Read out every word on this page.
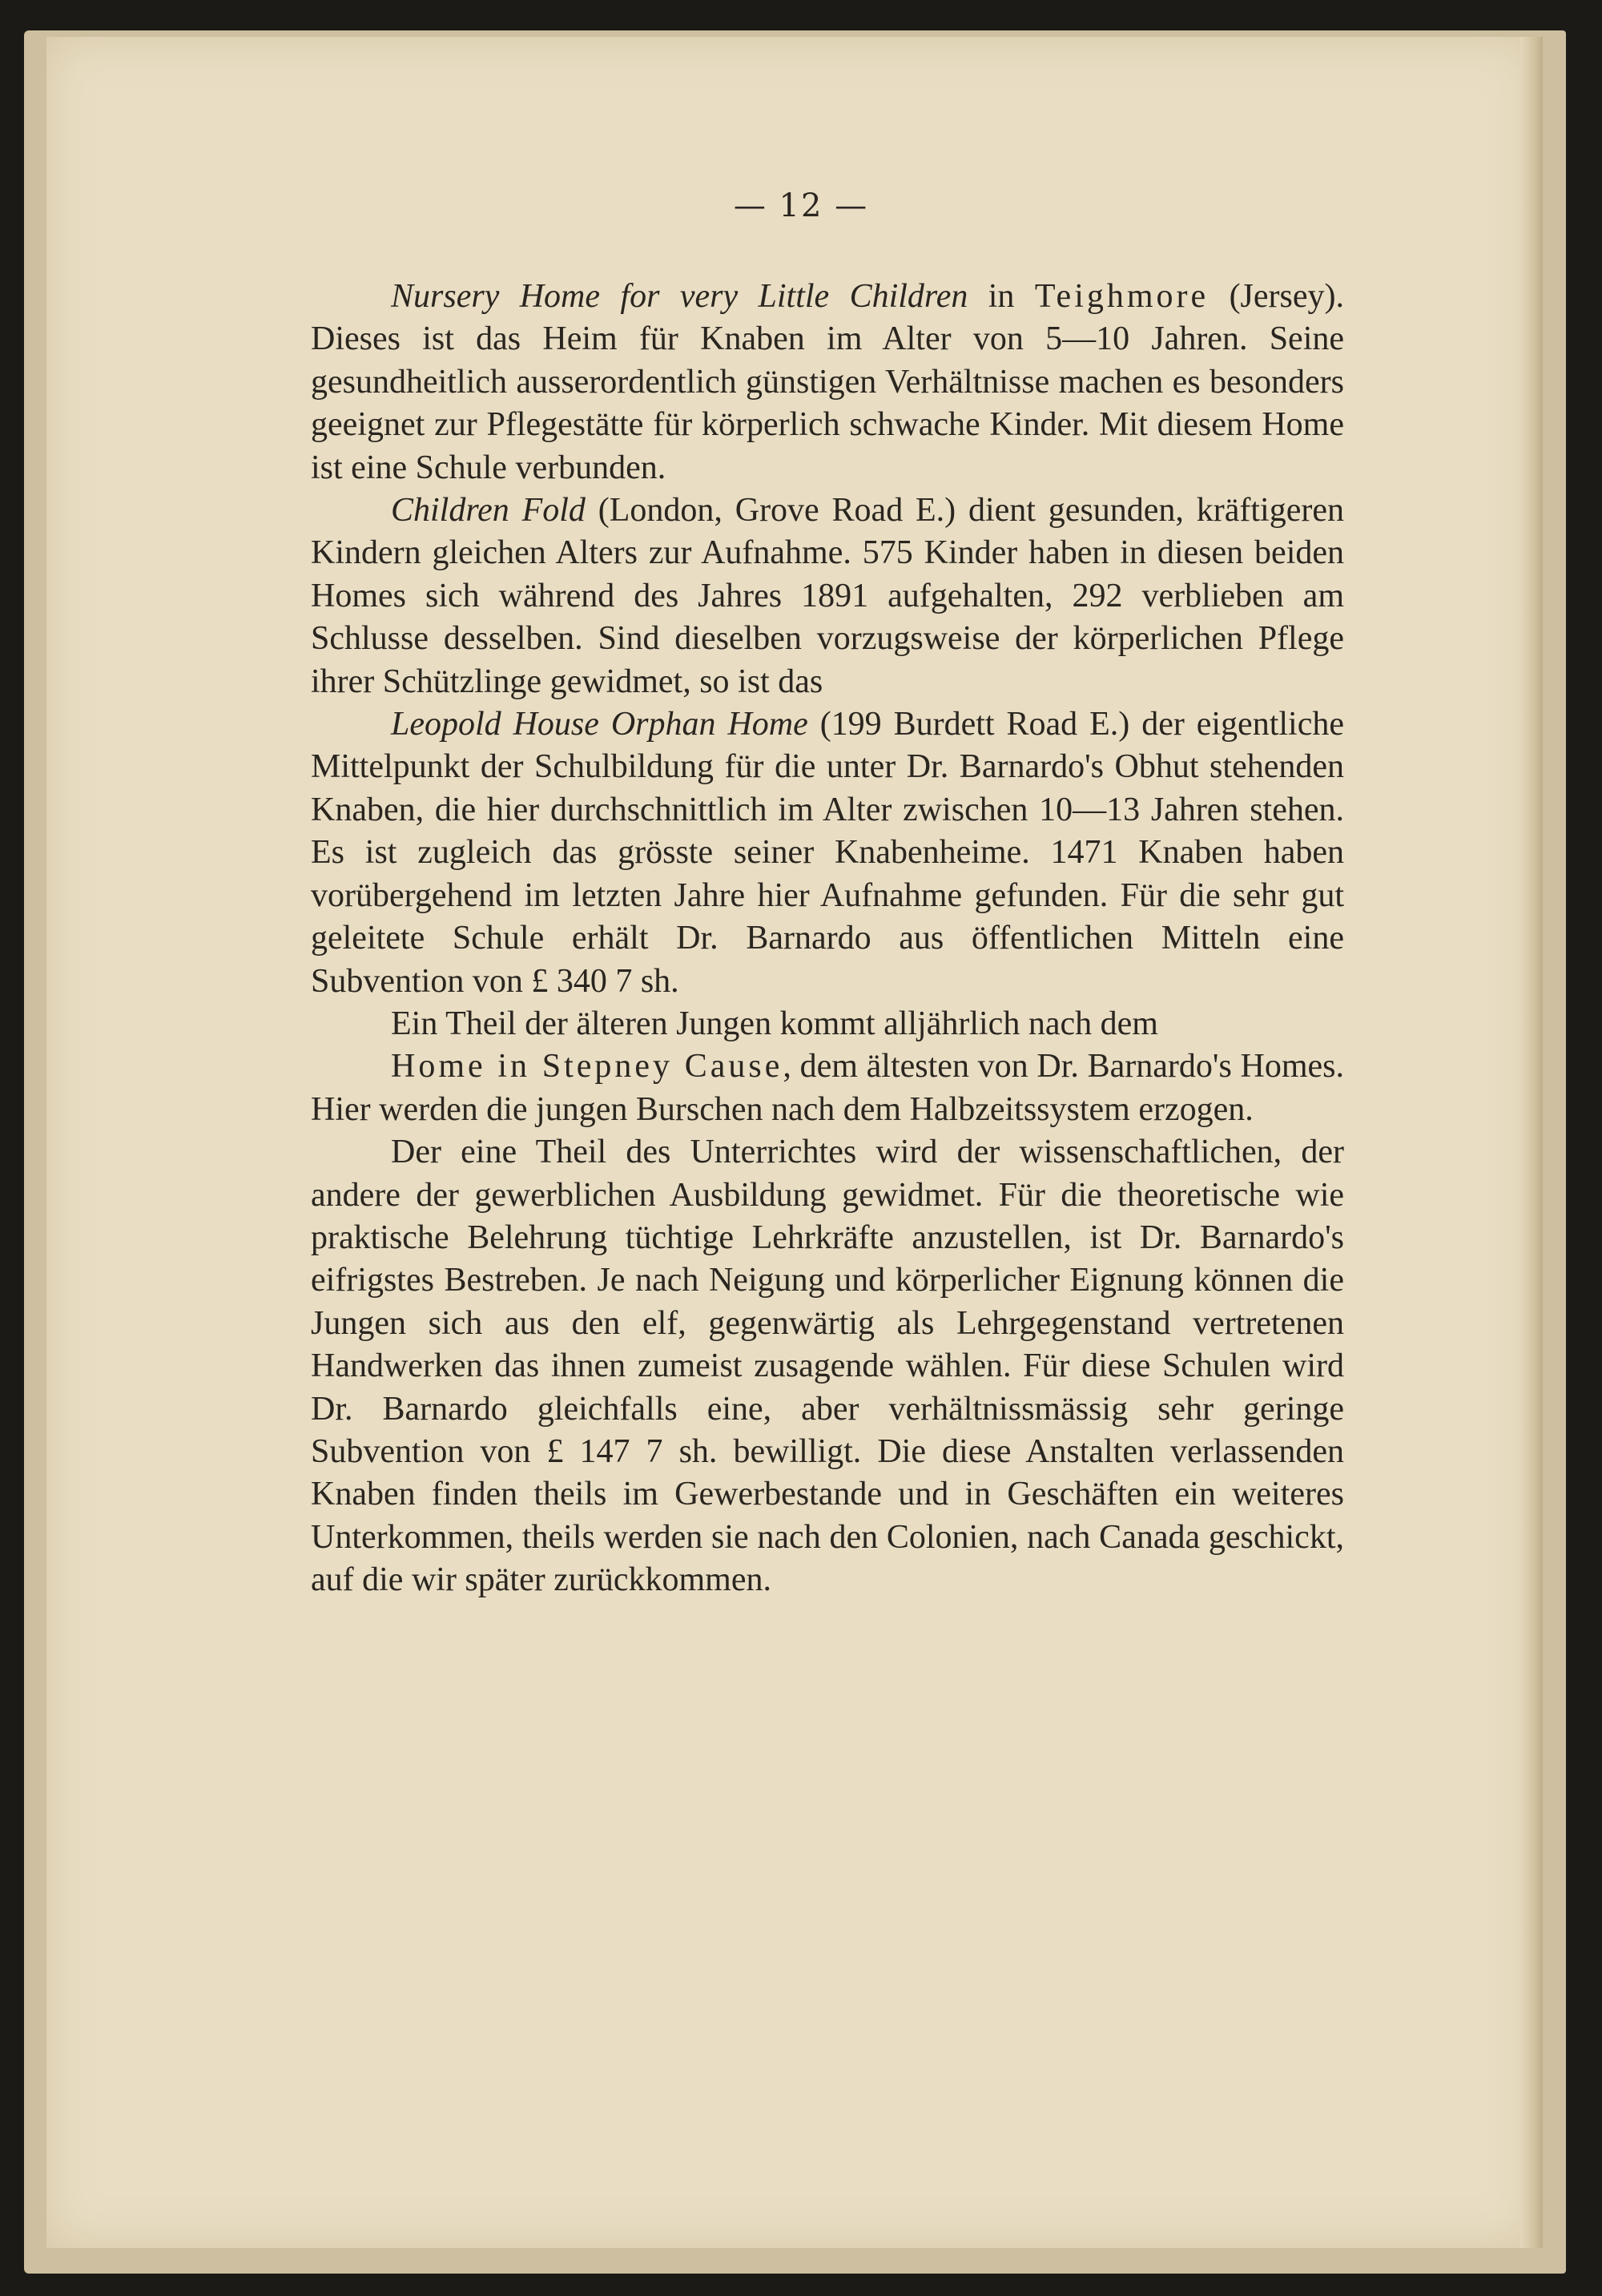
— 12 —

Nursery Home for very Little Children in Teighmore (Jersey). Dieses ist das Heim für Knaben im Alter von 5—10 Jahren. Seine gesundheitlich ausserordentlich günstigen Verhältnisse machen es besonders geeignet zur Pflegestätte für körperlich schwache Kinder. Mit diesem Home ist eine Schule verbunden.

Children Fold (London, Grove Road E.) dient gesunden, kräftigeren Kindern gleichen Alters zur Aufnahme. 575 Kinder haben in diesen beiden Homes sich während des Jahres 1891 aufgehalten, 292 verblieben am Schlusse desselben. Sind dieselben vorzugsweise der körperlichen Pflege ihrer Schützlinge gewidmet, so ist das

Leopold House Orphan Home (199 Burdett Road E.) der eigentliche Mittelpunkt der Schulbildung für die unter Dr. Barnardo's Obhut stehenden Knaben, die hier durchschnittlich im Alter zwischen 10—13 Jahren stehen. Es ist zugleich das grösste seiner Knabenheime. 1471 Knaben haben vorübergehend im letzten Jahre hier Aufnahme gefunden. Für die sehr gut geleitete Schule erhält Dr. Barnardo aus öffentlichen Mitteln eine Subvention von £ 340 7 sh.

Ein Theil der älteren Jungen kommt alljährlich nach dem

Home in Stepney Cause, dem ältesten von Dr. Barnardo's Homes. Hier werden die jungen Burschen nach dem Halbzeitssystem erzogen.

Der eine Theil des Unterrichtes wird der wissenschaftlichen, der andere der gewerblichen Ausbildung gewidmet. Für die theoretische wie praktische Belehrung tüchtige Lehrkräfte anzustellen, ist Dr. Barnardo's eifrigstes Bestreben. Je nach Neigung und körperlicher Eignung können die Jungen sich aus den elf, gegenwärtig als Lehrgegenstand vertretenen Handwerken das ihnen zumeist zusagende wählen. Für diese Schulen wird Dr. Barnardo gleichfalls eine, aber verhältnissmässig sehr geringe Subvention von £ 147 7 sh. bewilligt. Die diese Anstalten verlassenden Knaben finden theils im Gewerbestande und in Geschäften ein weiteres Unterkommen, theils werden sie nach den Colonien, nach Canada geschickt, auf die wir später zurückkommen.
